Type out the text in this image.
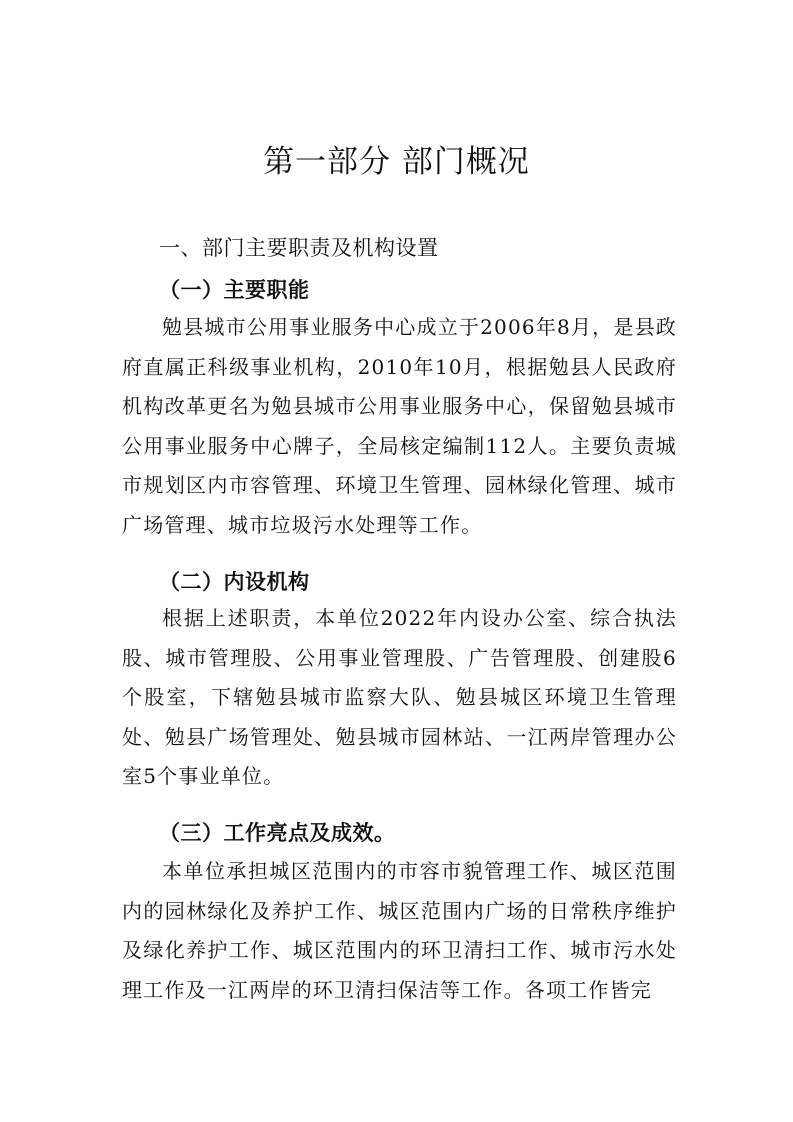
第一部分 部门概况
一、部门主要职责及机构设置
（一）主要职能

勉县城市公用事业服务中心成立于2006年8月，是县政府直属正科级事业机构，2010年10月，根据勉县人民政府机构改革更名为勉县城市公用事业服务中心，保留勉县城市公用事业服务中心牌子，全局核定编制112人。主要负责城市规划区内市容管理、环境卫生管理、园林绿化管理、城市广场管理、城市垃圾污水处理等工作。

（二）内设机构

根据上述职责，本单位2022年内设办公室、综合执法股、城市管理股、公用事业管理股、广告管理股、创建股6个股室，下辖勉县城市监察大队、勉县城区环境卫生管理处、勉县广场管理处、勉县城市园林站、一江两岸管理办公室5个事业单位。

（三）工作亮点及成效。

本单位承担城区范围内的市容市貌管理工作、城区范围内的园林绿化及养护工作、城区范围内广场的日常秩序维护及绿化养护工作、城区范围内的环卫清扫工作、城市污水处理工作及一江两岸的环卫清扫保洁等工作。各项工作皆完
